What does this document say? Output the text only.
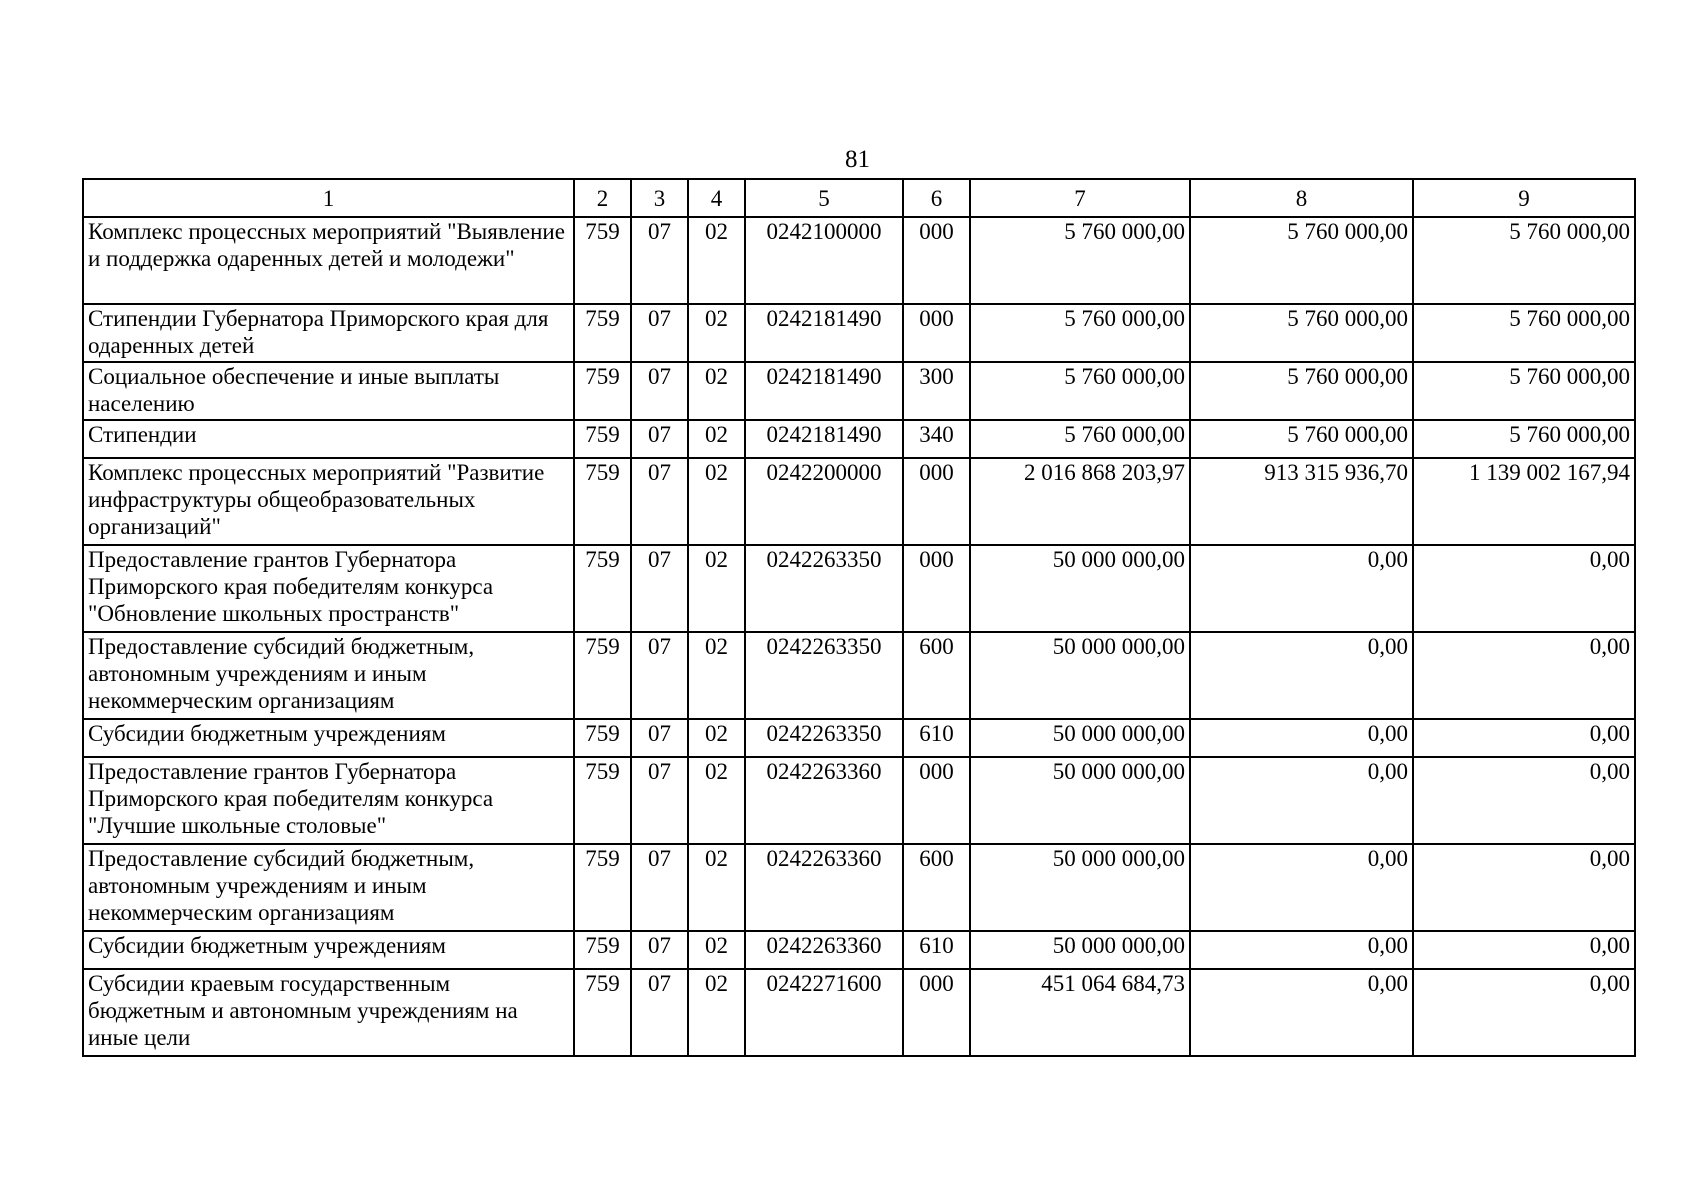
81
1	2	3	4	5	6	7	8	9
Комплекс процессных мероприятий "Выявление и поддержка одаренных детей и молодежи"	759	07	02	0242100000	000	5 760 000,00	5 760 000,00	5 760 000,00
Стипендии Губернатора Приморского края для одаренных детей	759	07	02	0242181490	000	5 760 000,00	5 760 000,00	5 760 000,00
Социальное обеспечение и иные выплаты населению	759	07	02	0242181490	300	5 760 000,00	5 760 000,00	5 760 000,00
Стипендии	759	07	02	0242181490	340	5 760 000,00	5 760 000,00	5 760 000,00
Комплекс процессных мероприятий "Развитие инфраструктуры общеобразовательных организаций"	759	07	02	0242200000	000	2 016 868 203,97	913 315 936,70	1 139 002 167,94
Предоставление грантов Губернатора Приморского края победителям конкурса "Обновление школьных пространств"	759	07	02	0242263350	000	50 000 000,00	0,00	0,00
Предоставление субсидий бюджетным, автономным учреждениям и иным некоммерческим организациям	759	07	02	0242263350	600	50 000 000,00	0,00	0,00
Субсидии бюджетным учреждениям	759	07	02	0242263350	610	50 000 000,00	0,00	0,00
Предоставление грантов Губернатора Приморского края победителям конкурса "Лучшие школьные столовые"	759	07	02	0242263360	000	50 000 000,00	0,00	0,00
Предоставление субсидий бюджетным, автономным учреждениям и иным некоммерческим организациям	759	07	02	0242263360	600	50 000 000,00	0,00	0,00
Субсидии бюджетным учреждениям	759	07	02	0242263360	610	50 000 000,00	0,00	0,00
Субсидии краевым государственным бюджетным и автономным учреждениям на иные цели	759	07	02	0242271600	000	451 064 684,73	0,00	0,00
